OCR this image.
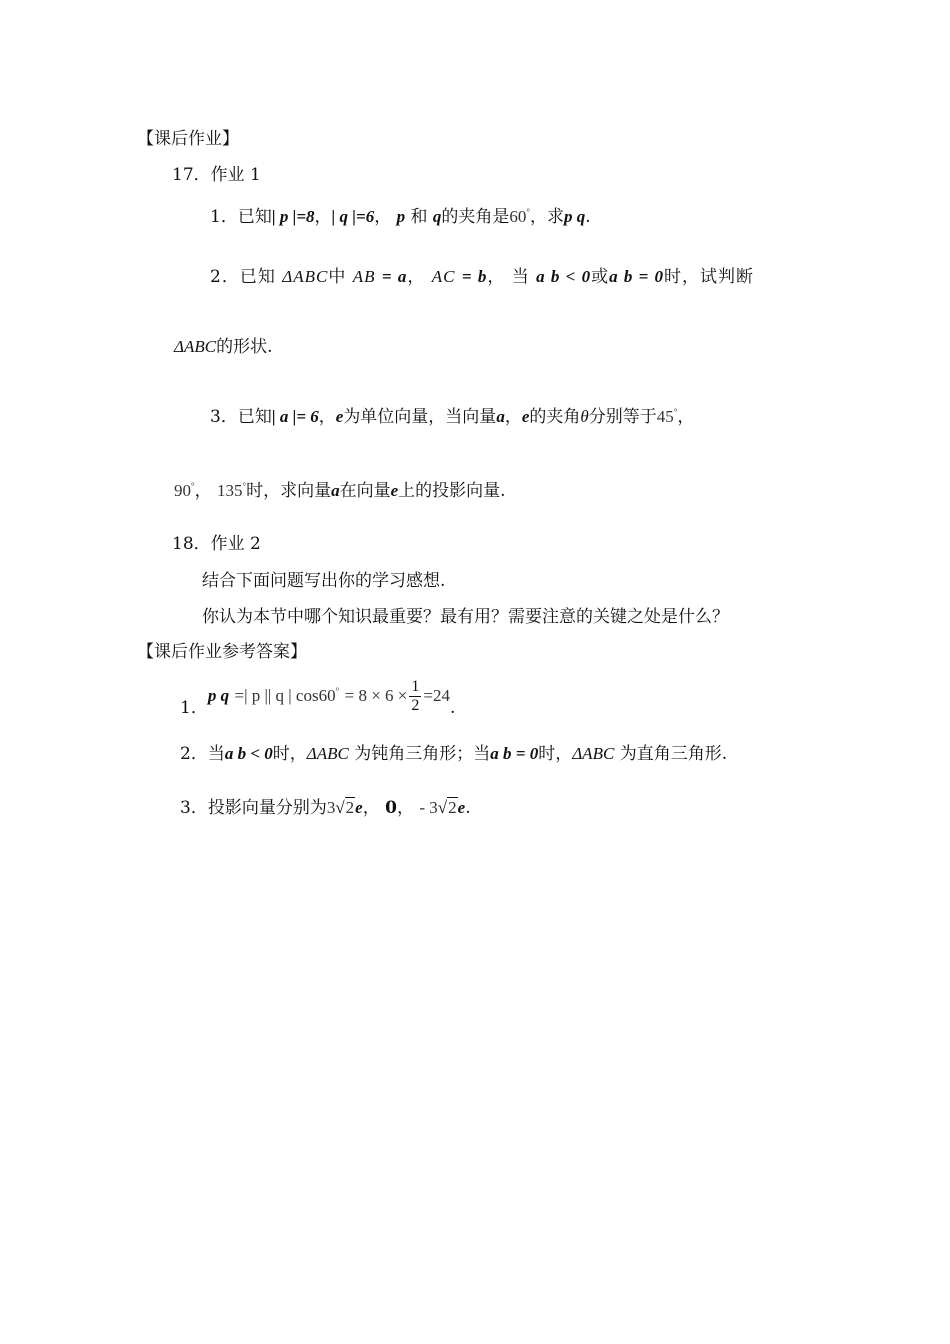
【课后作业】
17．作业 1
1．已知| p |=8，| q |=6， p 和 q的夹角是60°，求p q.
2．已知 ΔABC中 AB = a， AC = b， 当 a b < 0或a b = 0时，试判断
ΔABC的形状.
3．已知| a |= 6，e为单位向量，当向量a，e的夹角θ分别等于45°，
90°， 135°时，求向量a在向量e上的投影向量.
18．作业 2
结合下面问题写出你的学习感想.
你认为本节中哪个知识最重要？最有用？需要注意的关键之处是什么？
【课后作业参考答案】
1．p q =| p || q | $\cos 60^\circ = 8 \times 6 \times \frac{1}{2} =24$.
2．当a b < 0时，ΔABC 为钝角三角形；当a b = 0时，ΔABC 为直角三角形.
3．投影向量分别为3√2e， 0， - 3√2e.
